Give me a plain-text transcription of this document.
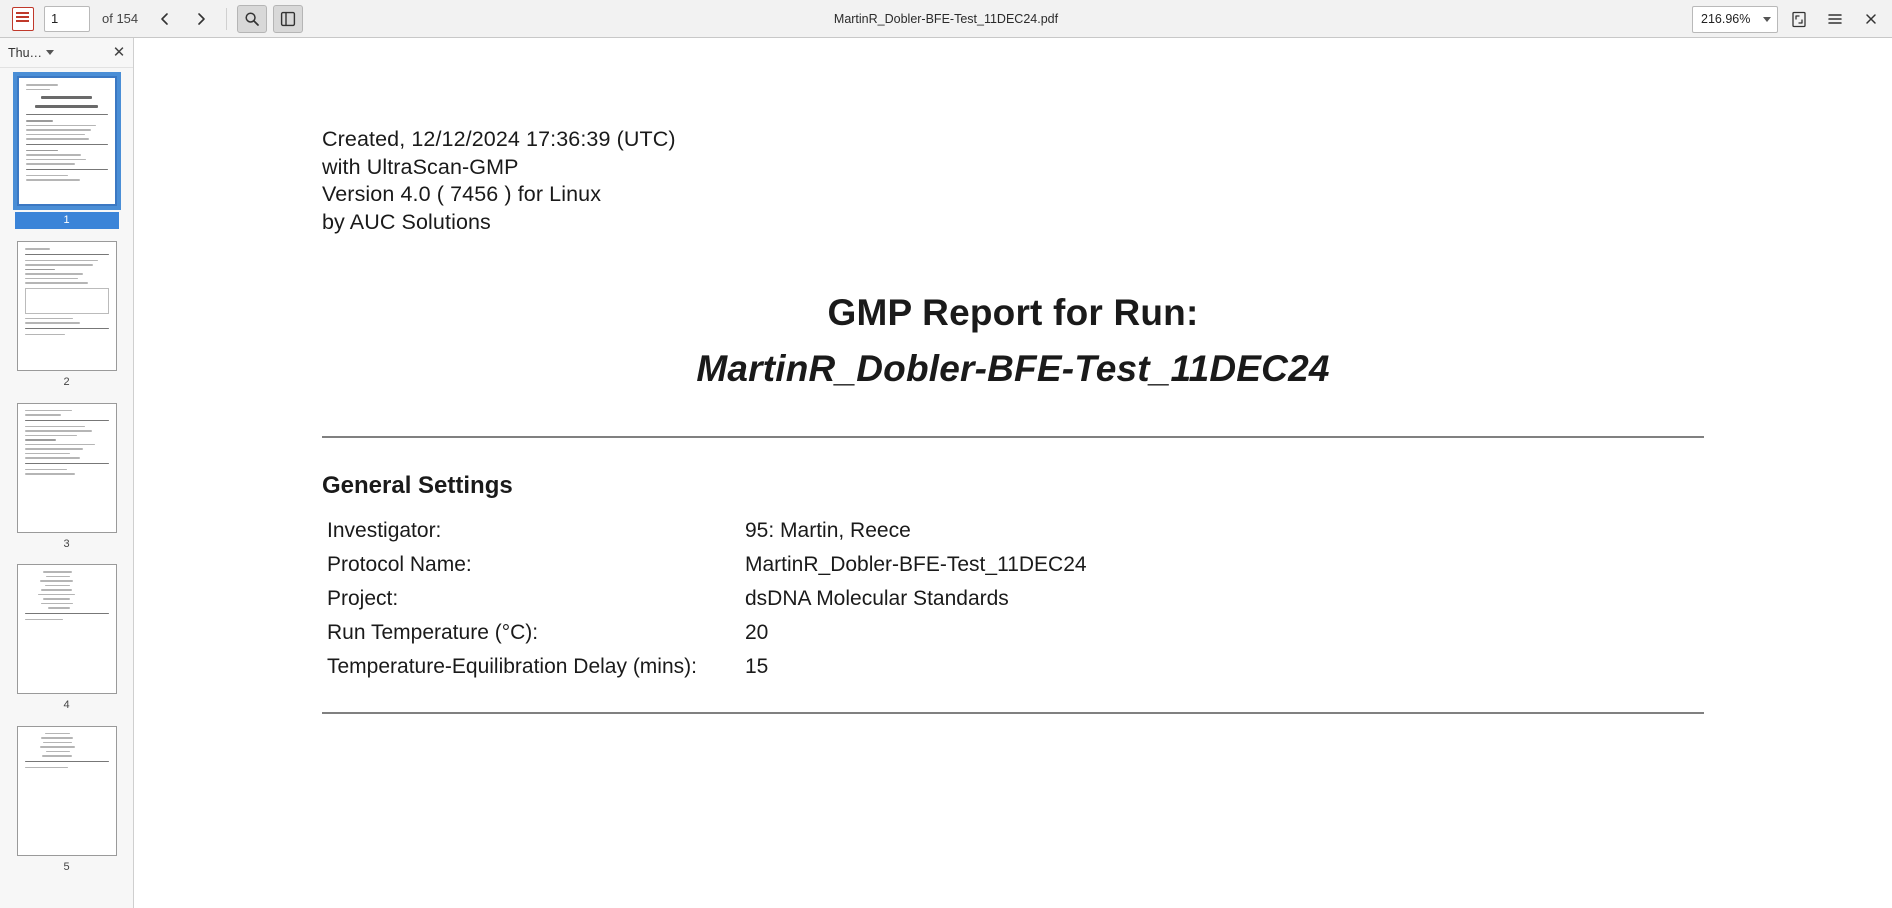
MartinR_Dobler-BFE-Test_11DEC24.pdf
1
of 154	216.96%
Thu…	✕
1
2
3
4
5
Created, 12/12/2024 17:36:39 (UTC)
with UltraScan-GMP
Version 4.0 ( 7456 ) for Linux
by AUC Solutions
GMP Report for Run:
MartinR_Dobler-BFE-Test_11DEC24
General Settings
Investigator:	95: Martin, Reece
Protocol Name:	MartinR_Dobler-BFE-Test_11DEC24
Project:	dsDNA Molecular Standards
Run Temperature (°C):	20
Temperature-Equilibration Delay (mins):	15
